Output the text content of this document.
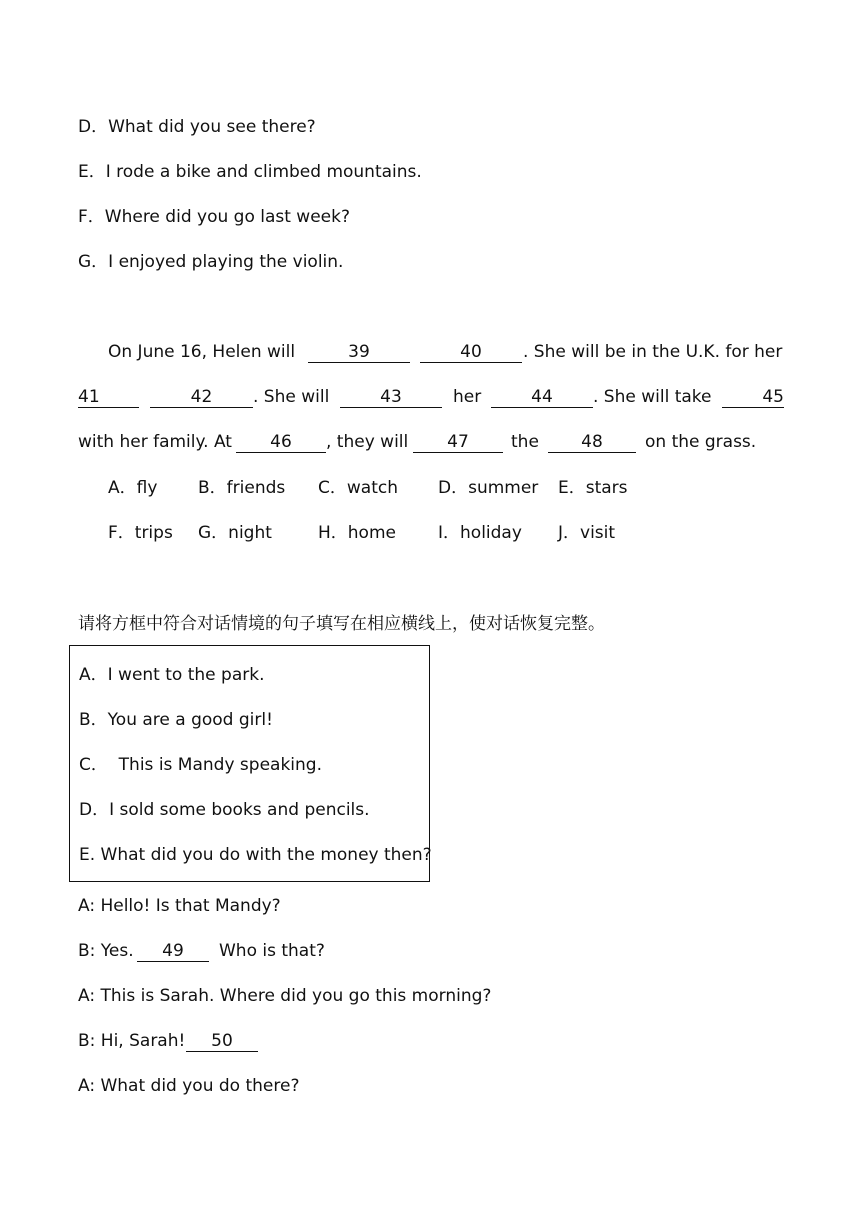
D．What did you see there?
E．I rode a bike and climbed mountains.
F．Where did you go last week?
G．I enjoyed playing the violin.
On June 16, Helen will	39	40	. She will be in the U.K. for her
41	42	. She will	43	her	44	. She will take	45
with her family. At	46	, they will	47	the	48	on the grass.
A．fly B．friends C．watch D．summer E．stars
F．trips G．night	H．home I．holiday J．visit
请将方框中符合对话情境的句子填写在相应横线上，使对话恢复完整。
A．I went to the park.
B．You are a good girl!
C．  This is Mandy speaking.
D．I sold some books and pencils.
E. What did you do with the money then?
A: Hello! Is that Mandy?
B: Yes.	49	Who is that?
A: This is Sarah. Where did you go this morning?
B: Hi, Sarah!	50
A: What did you do there?
